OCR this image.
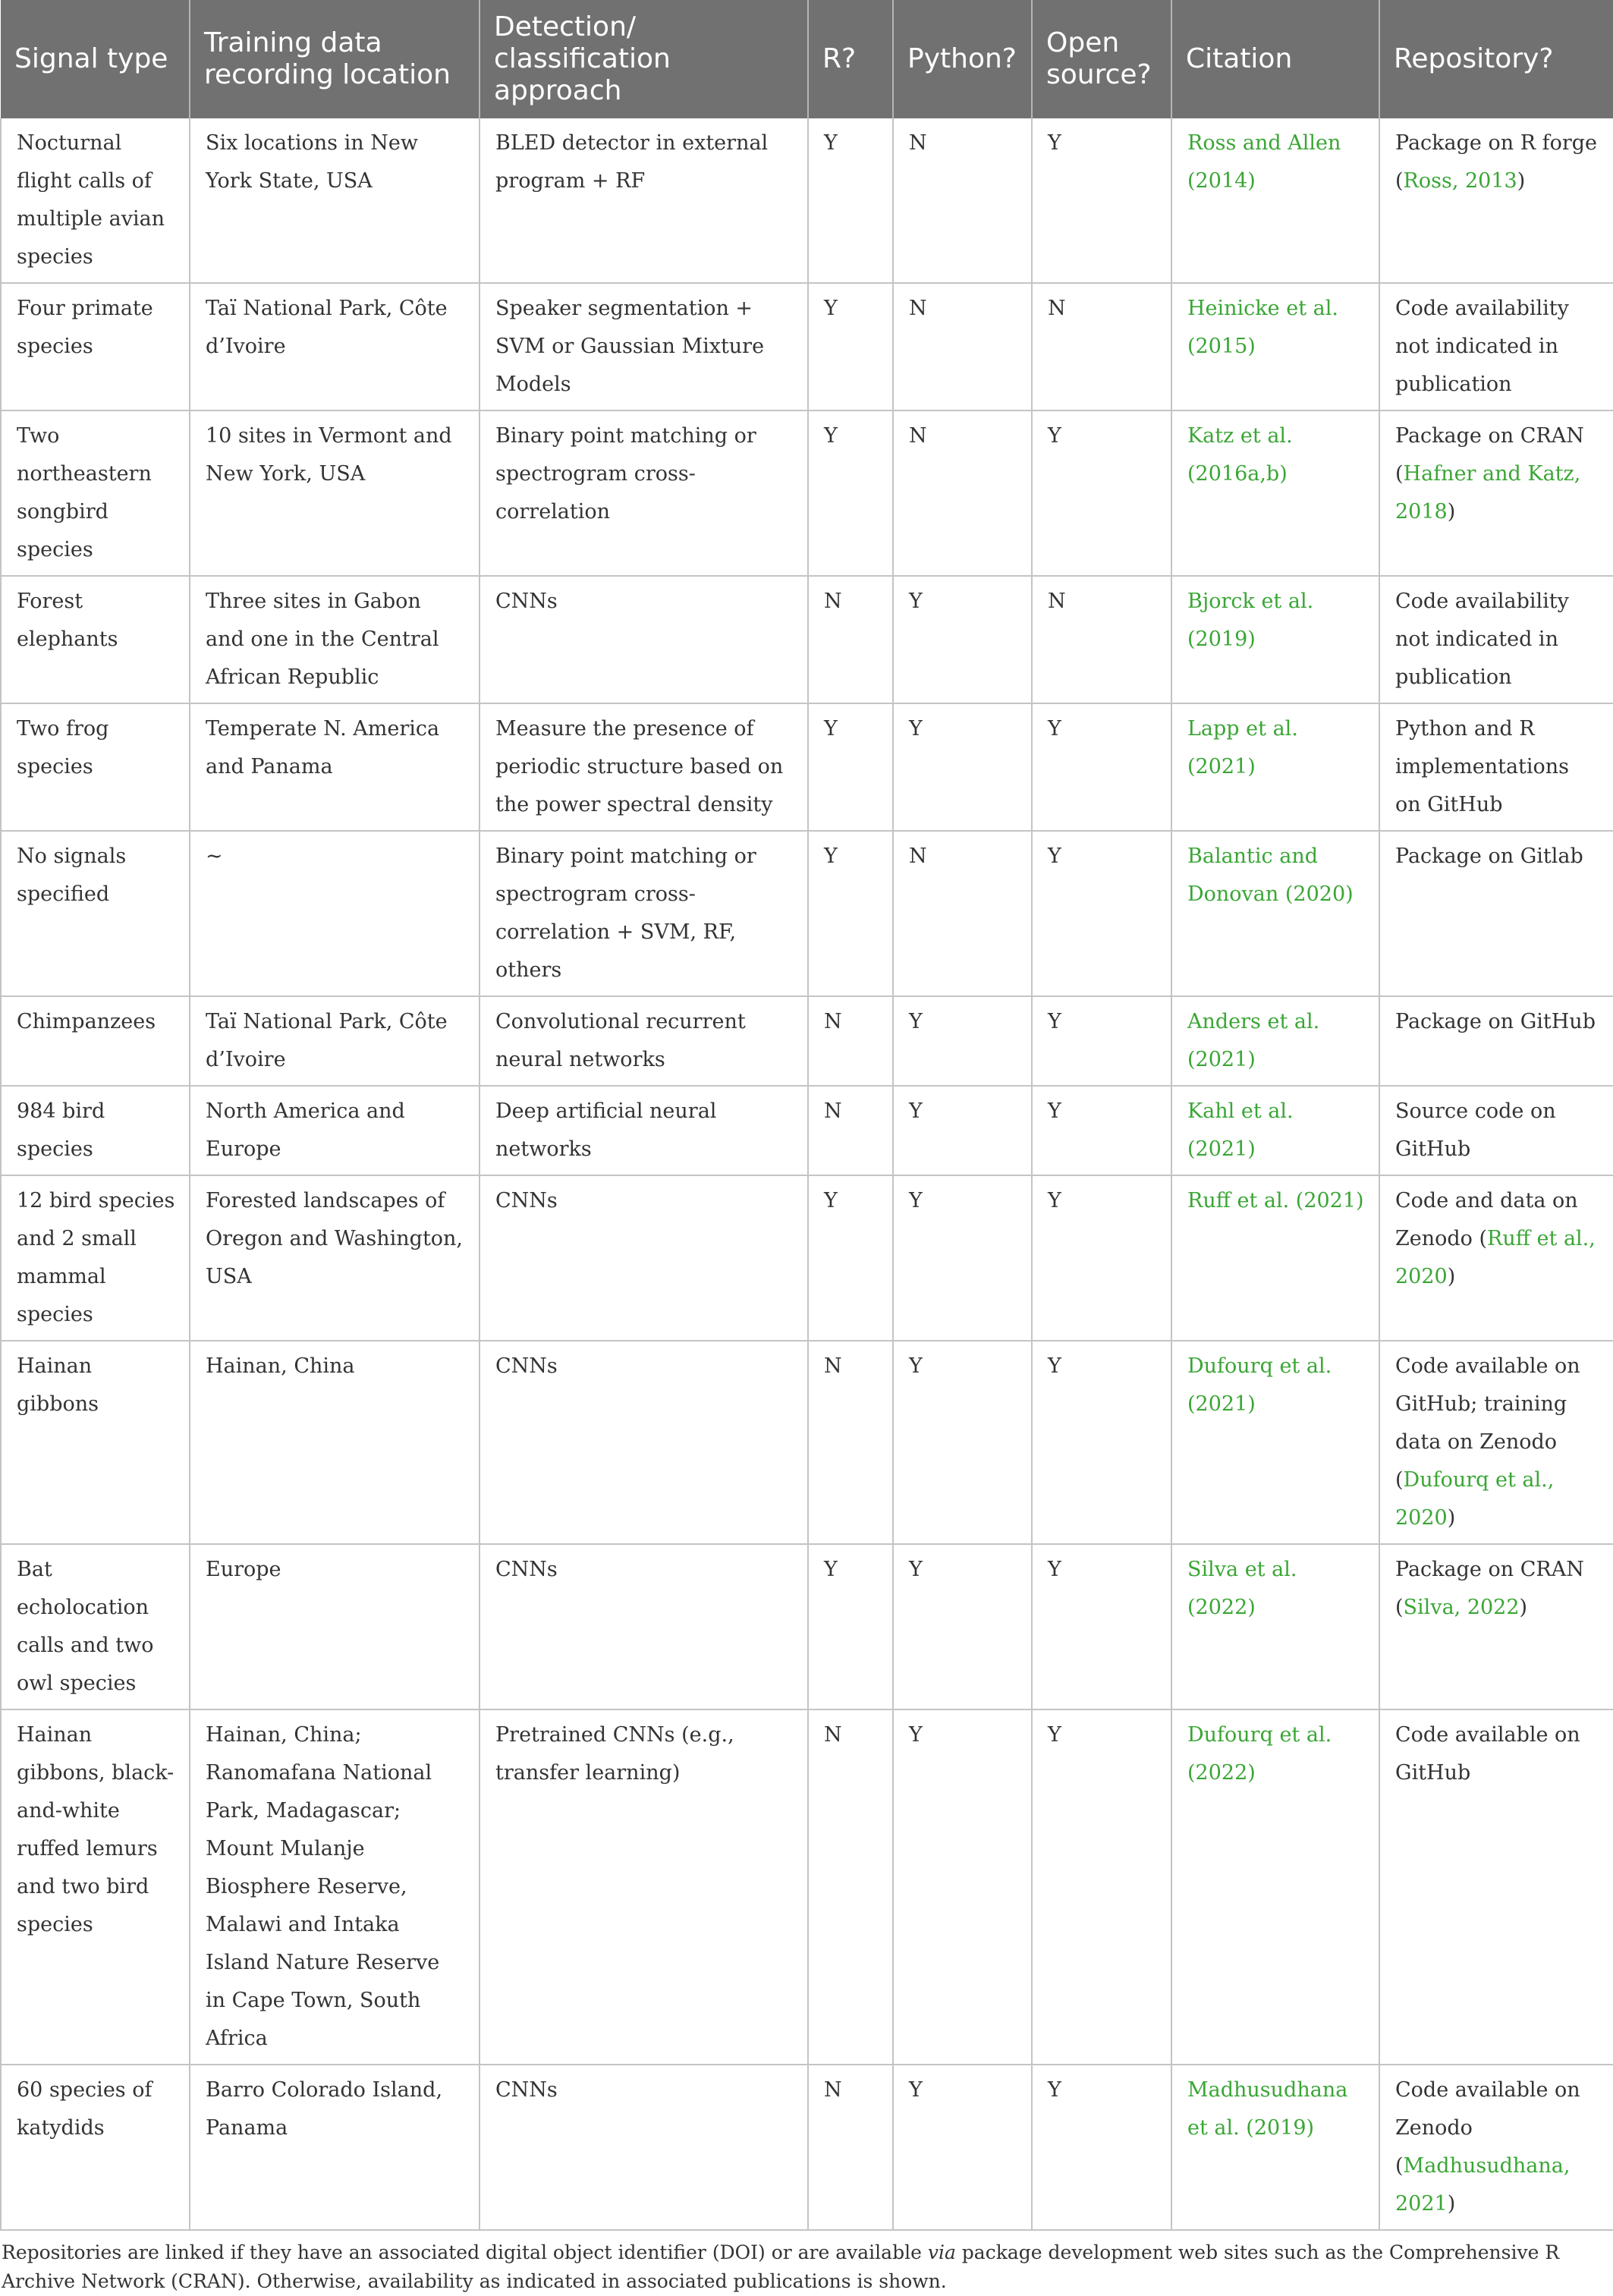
Signal type	Training data recording location	Detection/ classification approach	R?	Python?	Open source?	Citation	Repository?
Nocturnal flight calls of multiple avian species	Six locations in New York State, USA	BLED detector in external program + RF	Y	N	Y	Ross and Allen (2014)	Package on R forge (Ross, 2013)
Four primate species	Taï National Park, Côte d’Ivoire	Speaker segmentation + SVM or Gaussian Mixture Models	Y	N	N	Heinicke et al. (2015)	Code availability not indicated in publication
Two northeastern songbird species	10 sites in Vermont and New York, USA	Binary point matching or spectrogram cross-correlation	Y	N	Y	Katz et al. (2016a,b)	Package on CRAN (Hafner and Katz, 2018)
Forest elephants	Three sites in Gabon and one in the Central African Republic	CNNs	N	Y	N	Bjorck et al. (2019)	Code availability not indicated in publication
Two frog species	Temperate N. America and Panama	Measure the presence of periodic structure based on the power spectral density	Y	Y	Y	Lapp et al. (2021)	Python and R implementations on GitHub
No signals specified	~	Binary point matching or spectrogram cross-correlation + SVM, RF, others	Y	N	Y	Balantic and Donovan (2020)	Package on Gitlab
Chimpanzees	Taï National Park, Côte d’Ivoire	Convolutional recurrent neural networks	N	Y	Y	Anders et al. (2021)	Package on GitHub
984 bird species	North America and Europe	Deep artificial neural networks	N	Y	Y	Kahl et al. (2021)	Source code on GitHub
12 bird species and 2 small mammal species	Forested landscapes of Oregon and Washington, USA	CNNs	Y	Y	Y	Ruff et al. (2021)	Code and data on Zenodo (Ruff et al., 2020)
Hainan gibbons	Hainan, China	CNNs	N	Y	Y	Dufourq et al. (2021)	Code available on GitHub; training data on Zenodo (Dufourq et al., 2020)
Bat echolocation calls and two owl species	Europe	CNNs	Y	Y	Y	Silva et al. (2022)	Package on CRAN (Silva, 2022)
Hainan gibbons, black-and-white ruffed lemurs and two bird species	Hainan, China; Ranomafana National Park, Madagascar; Mount Mulanje Biosphere Reserve, Malawi and Intaka Island Nature Reserve in Cape Town, South Africa	Pretrained CNNs (e.g., transfer learning)	N	Y	Y	Dufourq et al. (2022)	Code available on GitHub
60 species of katydids	Barro Colorado Island, Panama	CNNs	N	Y	Y	Madhusudhana et al. (2019)	Code available on Zenodo (Madhusudhana, 2021)
Repositories are linked if they have an associated digital object identifier (DOI) or are available via package development web sites such as the Comprehensive R Archive Network (CRAN). Otherwise, availability as indicated in associated publications is shown.
